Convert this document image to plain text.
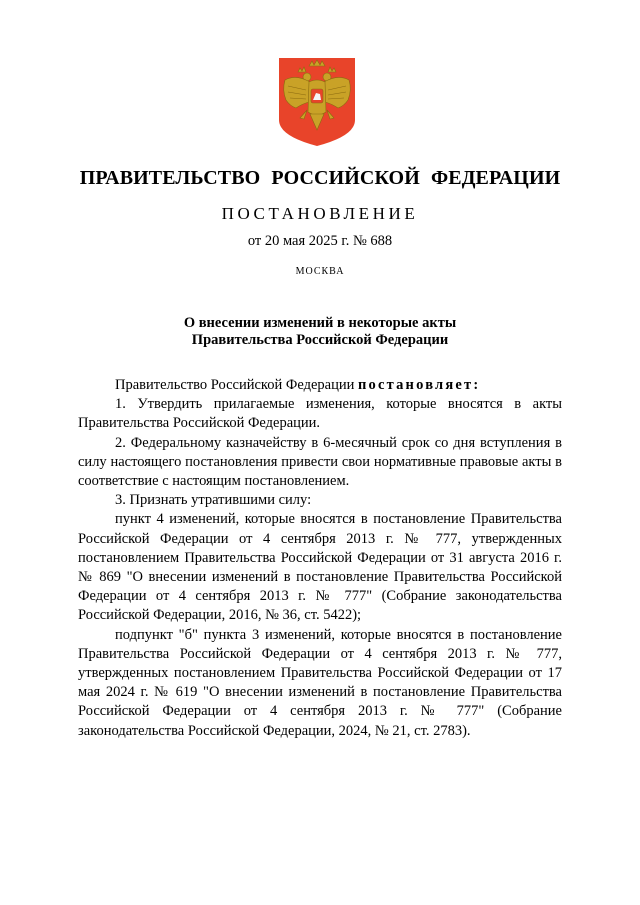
ПРАВИТЕЛЬСТВО РОССИЙСКОЙ ФЕДЕРАЦИИ
ПОСТАНОВЛЕНИЕ
от 20 мая 2025 г. № 688
МОСКВА
О внесении изменений в некоторые акты
Правительства Российской Федерации

Правительство Российской Федерации постановляет:

1. Утвердить прилагаемые изменения, которые вносятся в акты Правительства Российской Федерации.

2. Федеральному казначейству в 6-месячный срок со дня вступления в силу настоящего постановления привести свои нормативные правовые акты в соответствие с настоящим постановлением.

3. Признать утратившими силу:

пункт 4 изменений, которые вносятся в постановление Правительства Российской Федерации от 4 сентября 2013 г. № 777, утвержденных постановлением Правительства Российской Федерации от 31 августа 2016 г. № 869 "О внесении изменений в постановление Правительства Российской Федерации от 4 сентября 2013 г. № 777" (Собрание законодательства Российской Федерации, 2016, № 36, ст. 5422);

подпункт "б" пункта 3 изменений, которые вносятся в постановление Правительства Российской Федерации от 4 сентября 2013 г. № 777, утвержденных постановлением Правительства Российской Федерации от 17 мая 2024 г. № 619 "О внесении изменений в постановление Правительства Российской Федерации от 4 сентября 2013 г. № 777" (Собрание законодательства Российской Федерации, 2024, № 21, ст. 2783).
